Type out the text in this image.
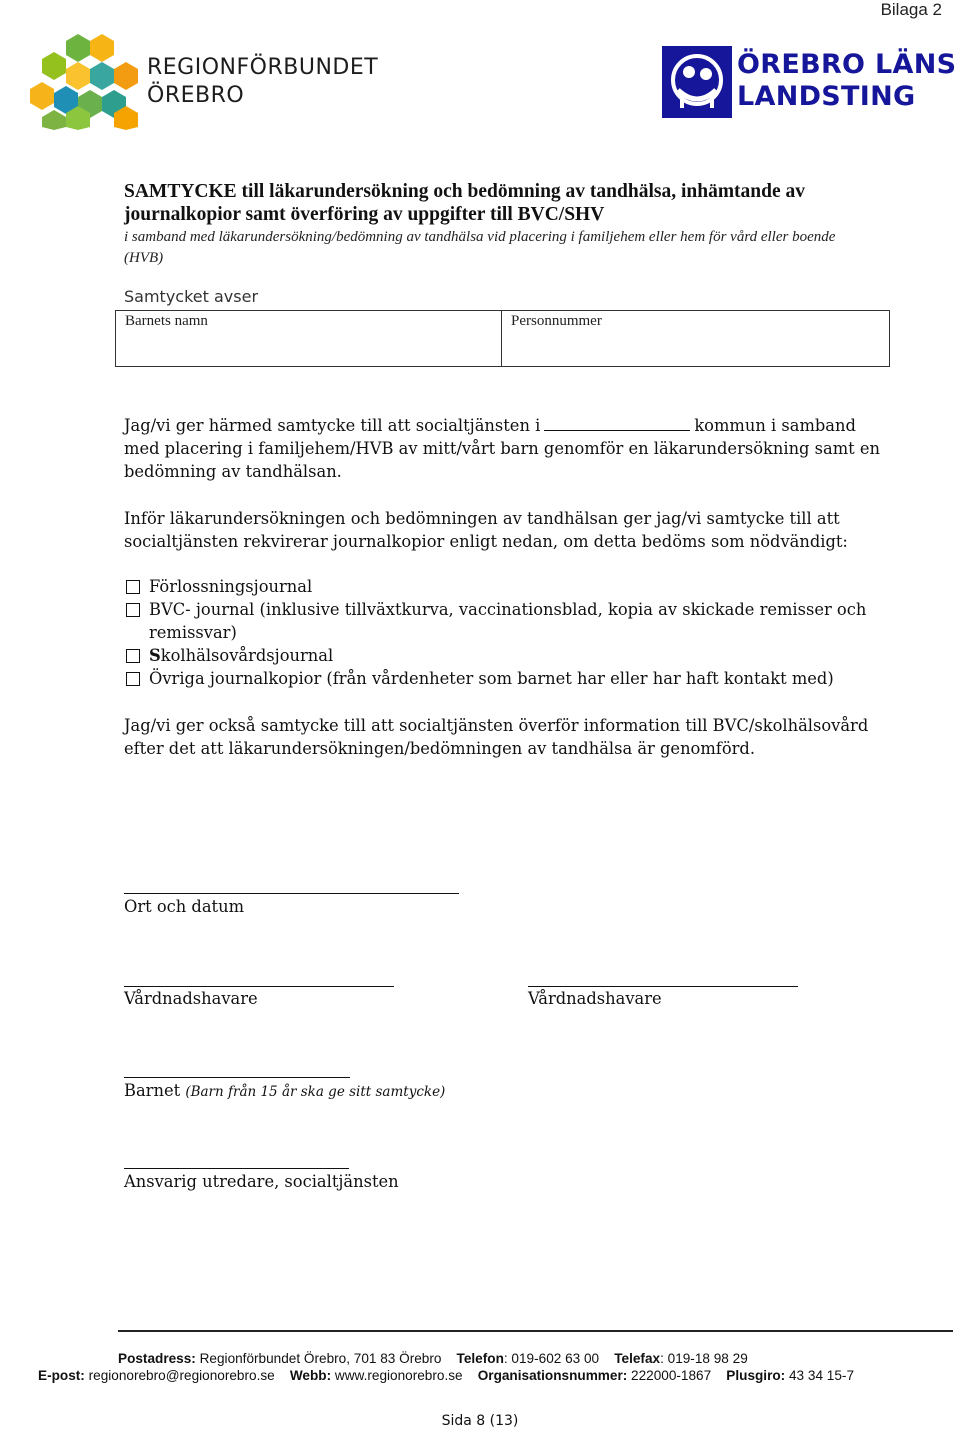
Bilaga 2
REGIONFÖRBUNDET
ÖREBRO
ÖREBRO LÄNS
LANDSTING
SAMTYCKE till läkarundersökning och bedömning av tandhälsa, inhämtande av
journalkopior samt överföring av uppgifter till BVC/SHV
i samband med läkarundersökning/bedömning av tandhälsa vid placering i familjehem eller hem för vård eller boende (HVB)
Samtycket avser
Barnets namn	Personnummer
Jag/vi ger härmed samtycke till att socialtjänsten i	kommun i samband med placering i familjehem/HVB av mitt/vårt barn genomför en läkarundersökning samt en bedömning av tandhälsan.
Inför läkarundersökningen och bedömningen av tandhälsan ger jag/vi samtycke till att socialtjänsten rekvirerar journalkopior enligt nedan, om detta bedöms som nödvändigt:
Förlossningsjournal
BVC- journal (inklusive tillväxtkurva, vaccinationsblad, kopia av skickade remisser och remissvar)
Skolhälsovårdsjournal
Övriga journalkopior (från vårdenheter som barnet har eller har haft kontakt med)
Jag/vi ger också samtycke till att socialtjänsten överför information till BVC/skolhälsovård efter det att läkarundersökningen/bedömningen av tandhälsa är genomförd.
Ort och datum
Vårdnadshavare	Vårdnadshavare
Barnet (Barn från 15 år ska ge sitt samtycke)
Ansvarig utredare, socialtjänsten
Postadress: Regionförbundet Örebro, 701 83 Örebro Telefon: 019-602 63 00 Telefax: 019-18 98 29
E-post: regionorebro@regionorebro.se Webb: www.regionorebro.se Organisationsnummer: 222000-1867 Plusgiro: 43 34 15-7
Sida 8 (13)
